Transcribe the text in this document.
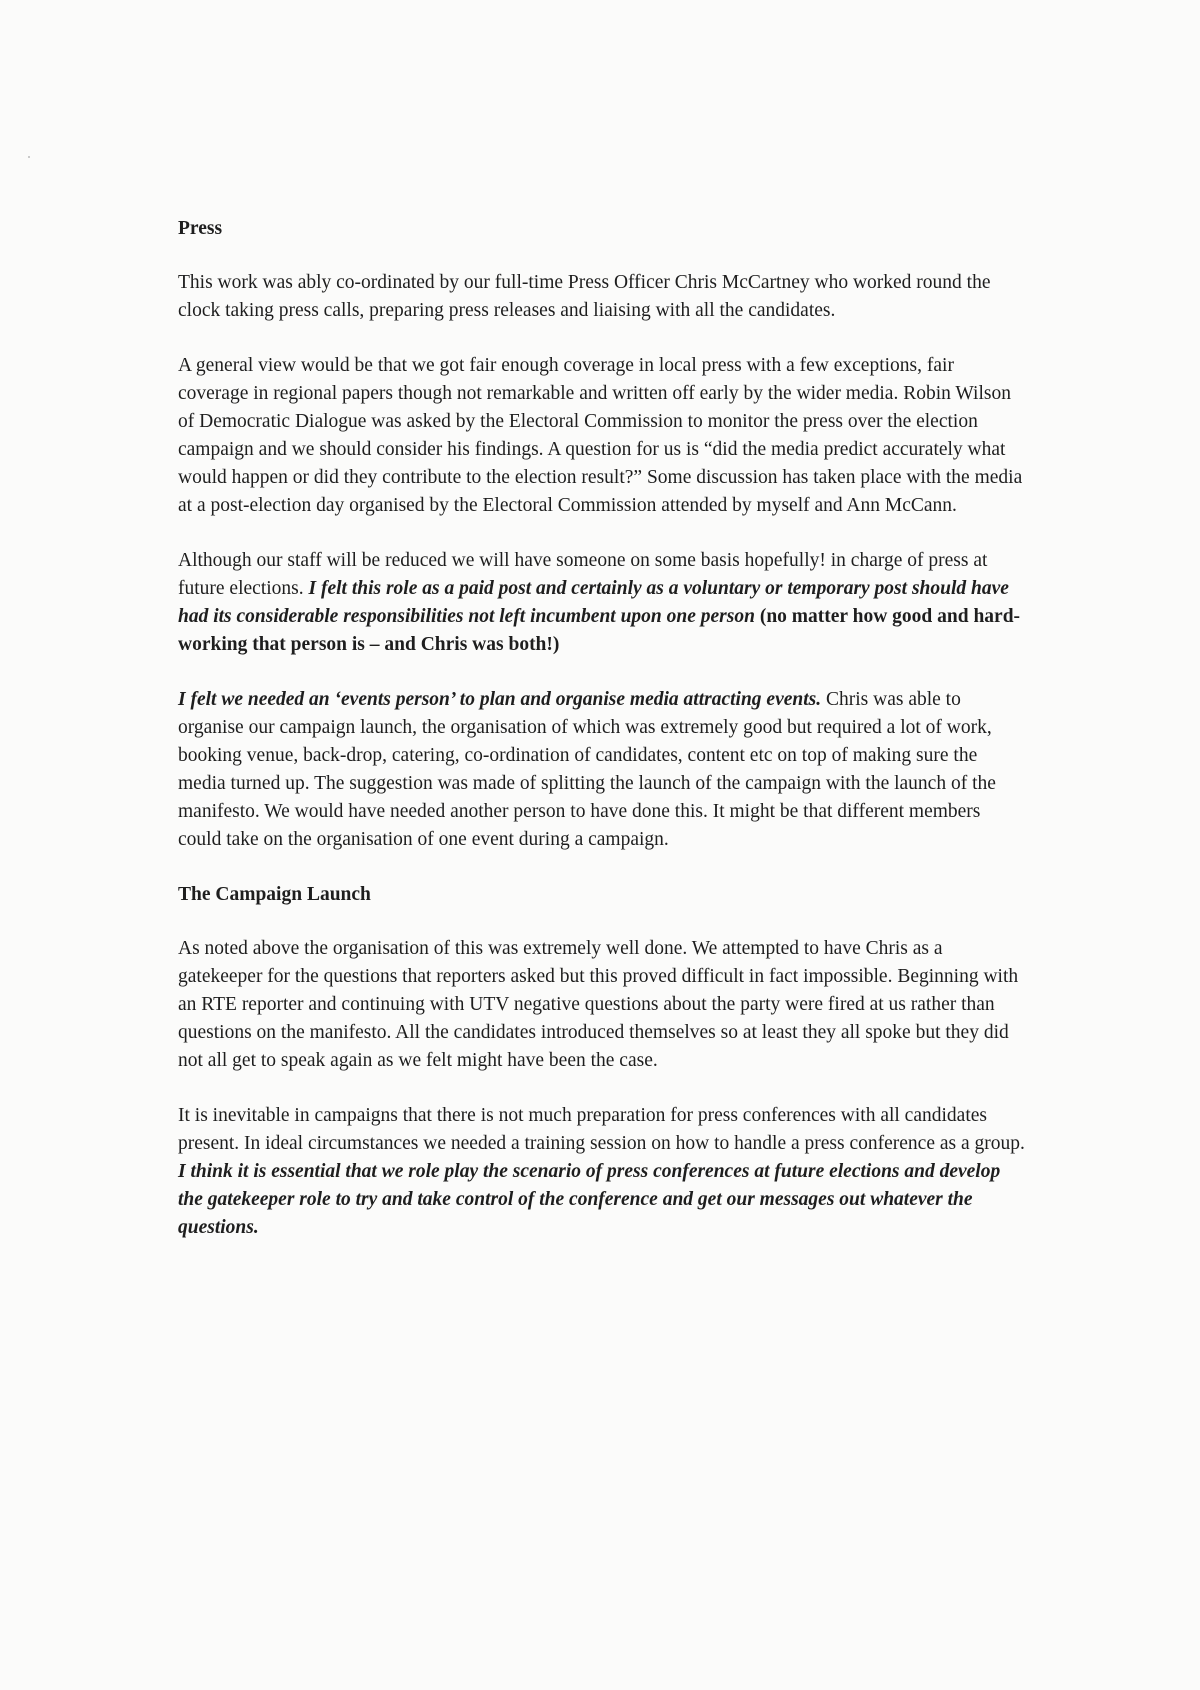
Press
This work was ably co-ordinated by our full-time Press Officer Chris McCartney who worked round the clock taking press calls, preparing press releases and liaising with all the candidates.
A general view would be that we got fair enough coverage in local press with a few exceptions, fair coverage in regional papers though not remarkable and written off early by the wider media. Robin Wilson of Democratic Dialogue was asked by the Electoral Commission to monitor the press over the election campaign and we should consider his findings. A question for us is “did the media predict accurately what would happen or did they contribute to the election result?” Some discussion has taken place with the media at a post-election day organised by the Electoral Commission attended by myself and Ann McCann.
Although our staff will be reduced we will have someone on some basis hopefully! in charge of press at future elections. I felt this role as a paid post and certainly as a voluntary or temporary post should have had its considerable responsibilities not left incumbent upon one person (no matter how good and hard-working that person is – and Chris was both!)
I felt we needed an ‘events person’ to plan and organise media attracting events. Chris was able to organise our campaign launch, the organisation of which was extremely good but required a lot of work, booking venue, back-drop, catering, co-ordination of candidates, content etc on top of making sure the media turned up. The suggestion was made of splitting the launch of the campaign with the launch of the manifesto. We would have needed another person to have done this. It might be that different members could take on the organisation of one event during a campaign.
The Campaign Launch
As noted above the organisation of this was extremely well done. We attempted to have Chris as a gatekeeper for the questions that reporters asked but this proved difficult in fact impossible. Beginning with an RTE reporter and continuing with UTV negative questions about the party were fired at us rather than questions on the manifesto. All the candidates introduced themselves so at least they all spoke but they did not all get to speak again as we felt might have been the case.
It is inevitable in campaigns that there is not much preparation for press conferences with all candidates present. In ideal circumstances we needed a training session on how to handle a press conference as a group. I think it is essential that we role play the scenario of press conferences at future elections and develop the gatekeeper role to try and take control of the conference and get our messages out whatever the questions.
